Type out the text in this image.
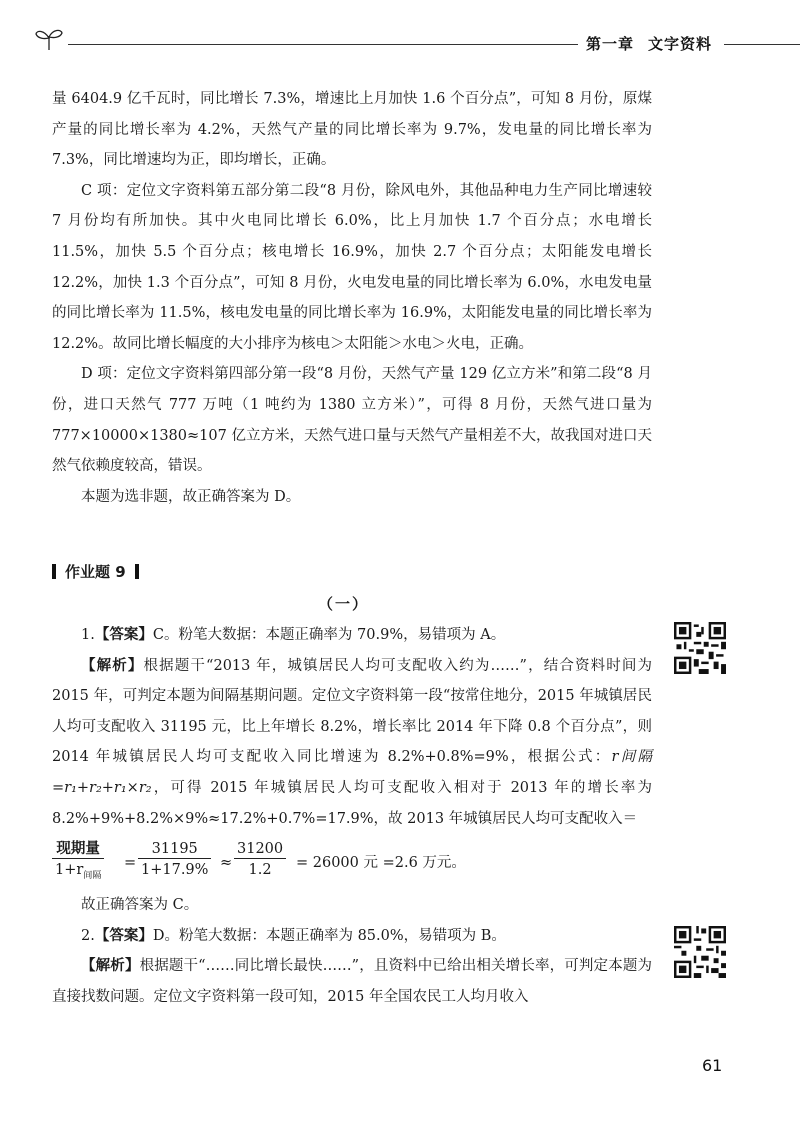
第一章 文字资料

量 6404.9 亿千瓦时，同比增长 7.3%，增速比上月加快 1.6 个百分点”，可知 8 月份，原煤产量的同比增长率为 4.2%，天然气产量的同比增长率为 9.7%，发电量的同比增长率为 7.3%，同比增速均为正，即均增长，正确。

C 项：定位文字资料第五部分第二段“8 月份，除风电外，其他品种电力生产同比增速较 7 月份均有所加快。其中火电同比增长 6.0%，比上月加快 1.7 个百分点；水电增长 11.5%，加快 5.5 个百分点；核电增长 16.9%，加快 2.7 个百分点；太阳能发电增长 12.2%，加快 1.3 个百分点”，可知 8 月份，火电发电量的同比增长率为 6.0%，水电发电量的同比增长率为 11.5%，核电发电量的同比增长率为 16.9%，太阳能发电量的同比增长率为 12.2%。故同比增长幅度的大小排序为核电＞太阳能＞水电＞火电，正确。

D 项：定位文字资料第四部分第一段“8 月份，天然气产量 129 亿立方米”和第二段“8 月份，进口天然气 777 万吨（1 吨约为 1380 立方米）”，可得 8 月份，天然气进口量为 777×10000×1380≈107 亿立方米，天然气进口量与天然气产量相差不大，故我国对进口天然气依赖度较高，错误。

本题为选非题，故正确答案为 D。

作业题 9
（一）

1.【答案】C。粉笔大数据：本题正确率为 70.9%，易错项为 A。

【解析】根据题干“2013 年，城镇居民人均可支配收入约为……”，结合资料时间为 2015 年，可判定本题为间隔基期问题。定位文字资料第一段“按常住地分，2015 年城镇居民人均可支配收入 31195 元，比上年增长 8.2%，增长率比 2014 年下降 0.8 个百分点”，则 2014 年城镇居民人均可支配收入同比增速为 8.2%+0.8%=9%，根据公式：r间隔=r₁+r₂+r₁×r₂，可得 2015 年城镇居民人均可支配收入相对于 2013 年的增长率为 8.2%+9%+8.2%×9%≈17.2%+0.7%=17.9%，故 2013 年城镇居民人均可支配收入＝

现期量
$1+r_{间隔}$
= $\frac{31195}{1+17.9\%} \approx \frac{31200}{1.2} = 26000$ 元 =2.6 万元。

故正确答案为 C。

2.【答案】D。粉笔大数据：本题正确率为 85.0%，易错项为 B。

【解析】根据题干“……同比增长最快……”，且资料中已给出相关增长率，可判定本题为直接找数问题。定位文字资料第一段可知，2015 年全国农民工人均月收入

61
